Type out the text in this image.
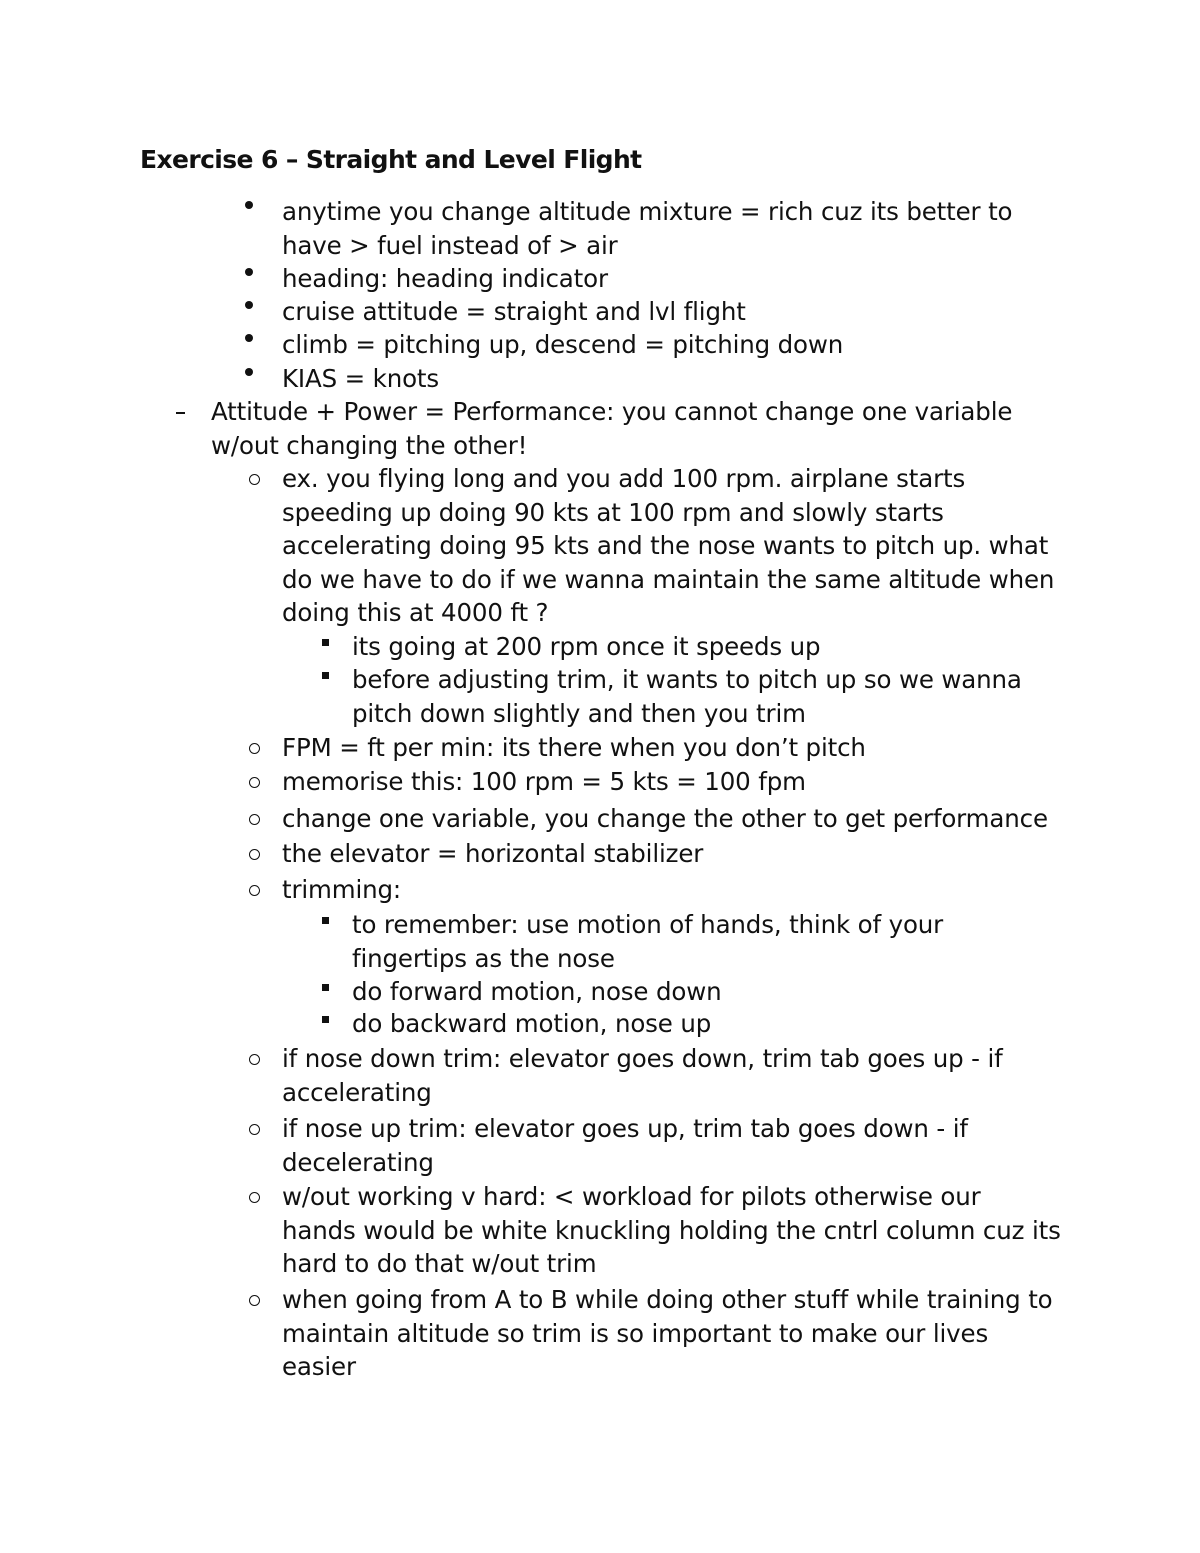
Exercise 6 – Straight and Level Flight
anytime you change altitude mixture = rich cuz its better to
have > fuel instead of > air
heading: heading indicator
cruise attitude = straight and lvl flight
climb = pitching up, descend = pitching down
KIAS = knots
Attitude + Power = Performance: you cannot change one variable
w/out changing the other!
ex. you flying long and you add 100 rpm. airplane starts
speeding up doing 90 kts at 100 rpm and slowly starts
accelerating doing 95 kts and the nose wants to pitch up. what
do we have to do if we wanna maintain the same altitude when
doing this at 4000 ft ?
its going at 200 rpm once it speeds up
before adjusting trim, it wants to pitch up so we wanna
pitch down slightly and then you trim
FPM = ft per min: its there when you don’t pitch
memorise this: 100 rpm = 5 kts = 100 fpm
change one variable, you change the other to get performance
the elevator = horizontal stabilizer
trimming:
to remember: use motion of hands, think of your
fingertips as the nose
do forward motion, nose down
do backward motion, nose up
if nose down trim: elevator goes down, trim tab goes up - if
accelerating
if nose up trim: elevator goes up, trim tab goes down - if
decelerating
w/out working v hard: < workload for pilots otherwise our
hands would be white knuckling holding the cntrl column cuz its
hard to do that w/out trim
when going from A to B while doing other stuff while training to
maintain altitude so trim is so important to make our lives
easier
